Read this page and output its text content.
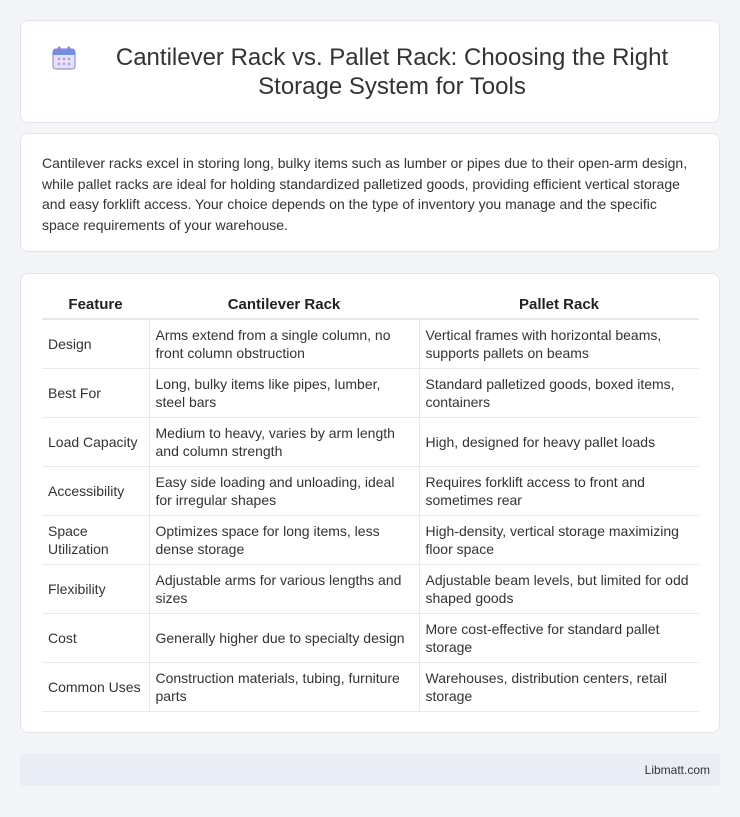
Cantilever Rack vs. Pallet Rack: Choosing the Right Storage System for Tools

Cantilever racks excel in storing long, bulky items such as lumber or pipes due to their open-arm design, while pallet racks are ideal for holding standardized palletized goods, providing efficient vertical storage and easy forklift access. Your choice depends on the type of inventory you manage and the specific space requirements of your warehouse.

Feature	Cantilever Rack	Pallet Rack
Design	Arms extend from a single column, no front column obstruction	Vertical frames with horizontal beams, supports pallets on beams
Best For	Long, bulky items like pipes, lumber, steel bars	Standard palletized goods, boxed items, containers
Load Capacity	Medium to heavy, varies by arm length and column strength	High, designed for heavy pallet loads
Accessibility	Easy side loading and unloading, ideal for irregular shapes	Requires forklift access to front and sometimes rear
Space Utilization	Optimizes space for long items, less dense storage	High-density, vertical storage maximizing floor space
Flexibility	Adjustable arms for various lengths and sizes	Adjustable beam levels, but limited for odd shaped goods
Cost	Generally higher due to specialty design	More cost-effective for standard pallet storage
Common Uses	Construction materials, tubing, furniture parts	Warehouses, distribution centers, retail storage
Libmatt.com
